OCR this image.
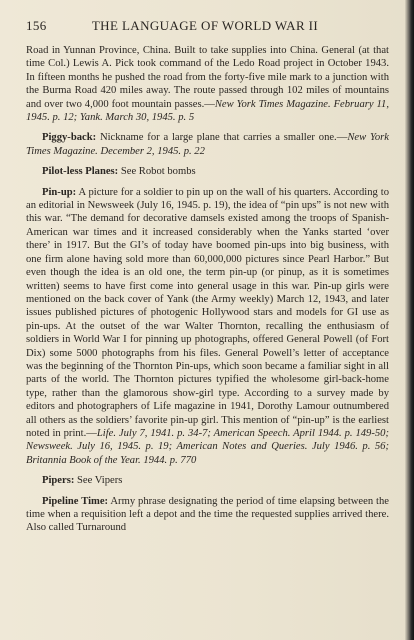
156	THE LANGUAGE OF WORLD WAR II

Road in Yunnan Province, China. Built to take supplies into China. General (at that time Col.) Lewis A. Pick took command of the Ledo Road project in October 1943. In fifteen months he pushed the road from the forty-five mile mark to a junction with the Burma Road 420 miles away. The route passed through 102 miles of mountains and over two 4,000 foot mountain passes.—New York Times Magazine. February 11, 1945. p. 12; Yank. March 30, 1945. p. 5

Piggy-back: Nickname for a large plane that carries a smaller one.—New York Times Magazine. December 2, 1945. p. 22

Pilot-less Planes: See Robot bombs

Pin-up: A picture for a soldier to pin up on the wall of his quarters. According to an editorial in Newsweek (July 16, 1945. p. 19), the idea of “pin ups” is not new with this war. “The demand for decorative damsels existed among the troops of Spanish-American war times and it increased considerably when the Yanks started ‘over there’ in 1917. But the GI’s of today have boomed pin-ups into big business, with one firm alone having sold more than 60,000,000 pictures since Pearl Harbor.” But even though the idea is an old one, the term pin-up (or pinup, as it is sometimes written) seems to have first come into general usage in this war. Pin-up girls were mentioned on the back cover of Yank (the Army weekly) March 12, 1943, and later issues published pictures of photogenic Hollywood stars and models for GI use as pin-ups. At the outset of the war Walter Thornton, recalling the enthusiasm of soldiers in World War I for pinning up photographs, offered General Powell (of Fort Dix) some 5000 photographs from his files. General Powell’s letter of acceptance was the beginning of the Thornton Pin-ups, which soon became a familiar sight in all parts of the world. The Thornton pictures typified the wholesome girl-back-home type, rather than the glamorous show-girl type. According to a survey made by editors and photographers of Life magazine in 1941, Dorothy Lamour outnumbered all others as the soldiers’ favorite pin-up girl. This mention of “pin-up” is the earliest noted in print.—Life. July 7, 1941. p. 34-7; American Speech. April 1944. p. 149-50; Newsweek. July 16, 1945. p. 19; American Notes and Queries. July 1946. p. 56; Britannia Book of the Year. 1944. p. 770

Pipers: See Vipers

Pipeline Time: Army phrase designating the period of time elapsing between the time when a requisition left a depot and the time the requested supplies arrived there. Also called Turnaround
